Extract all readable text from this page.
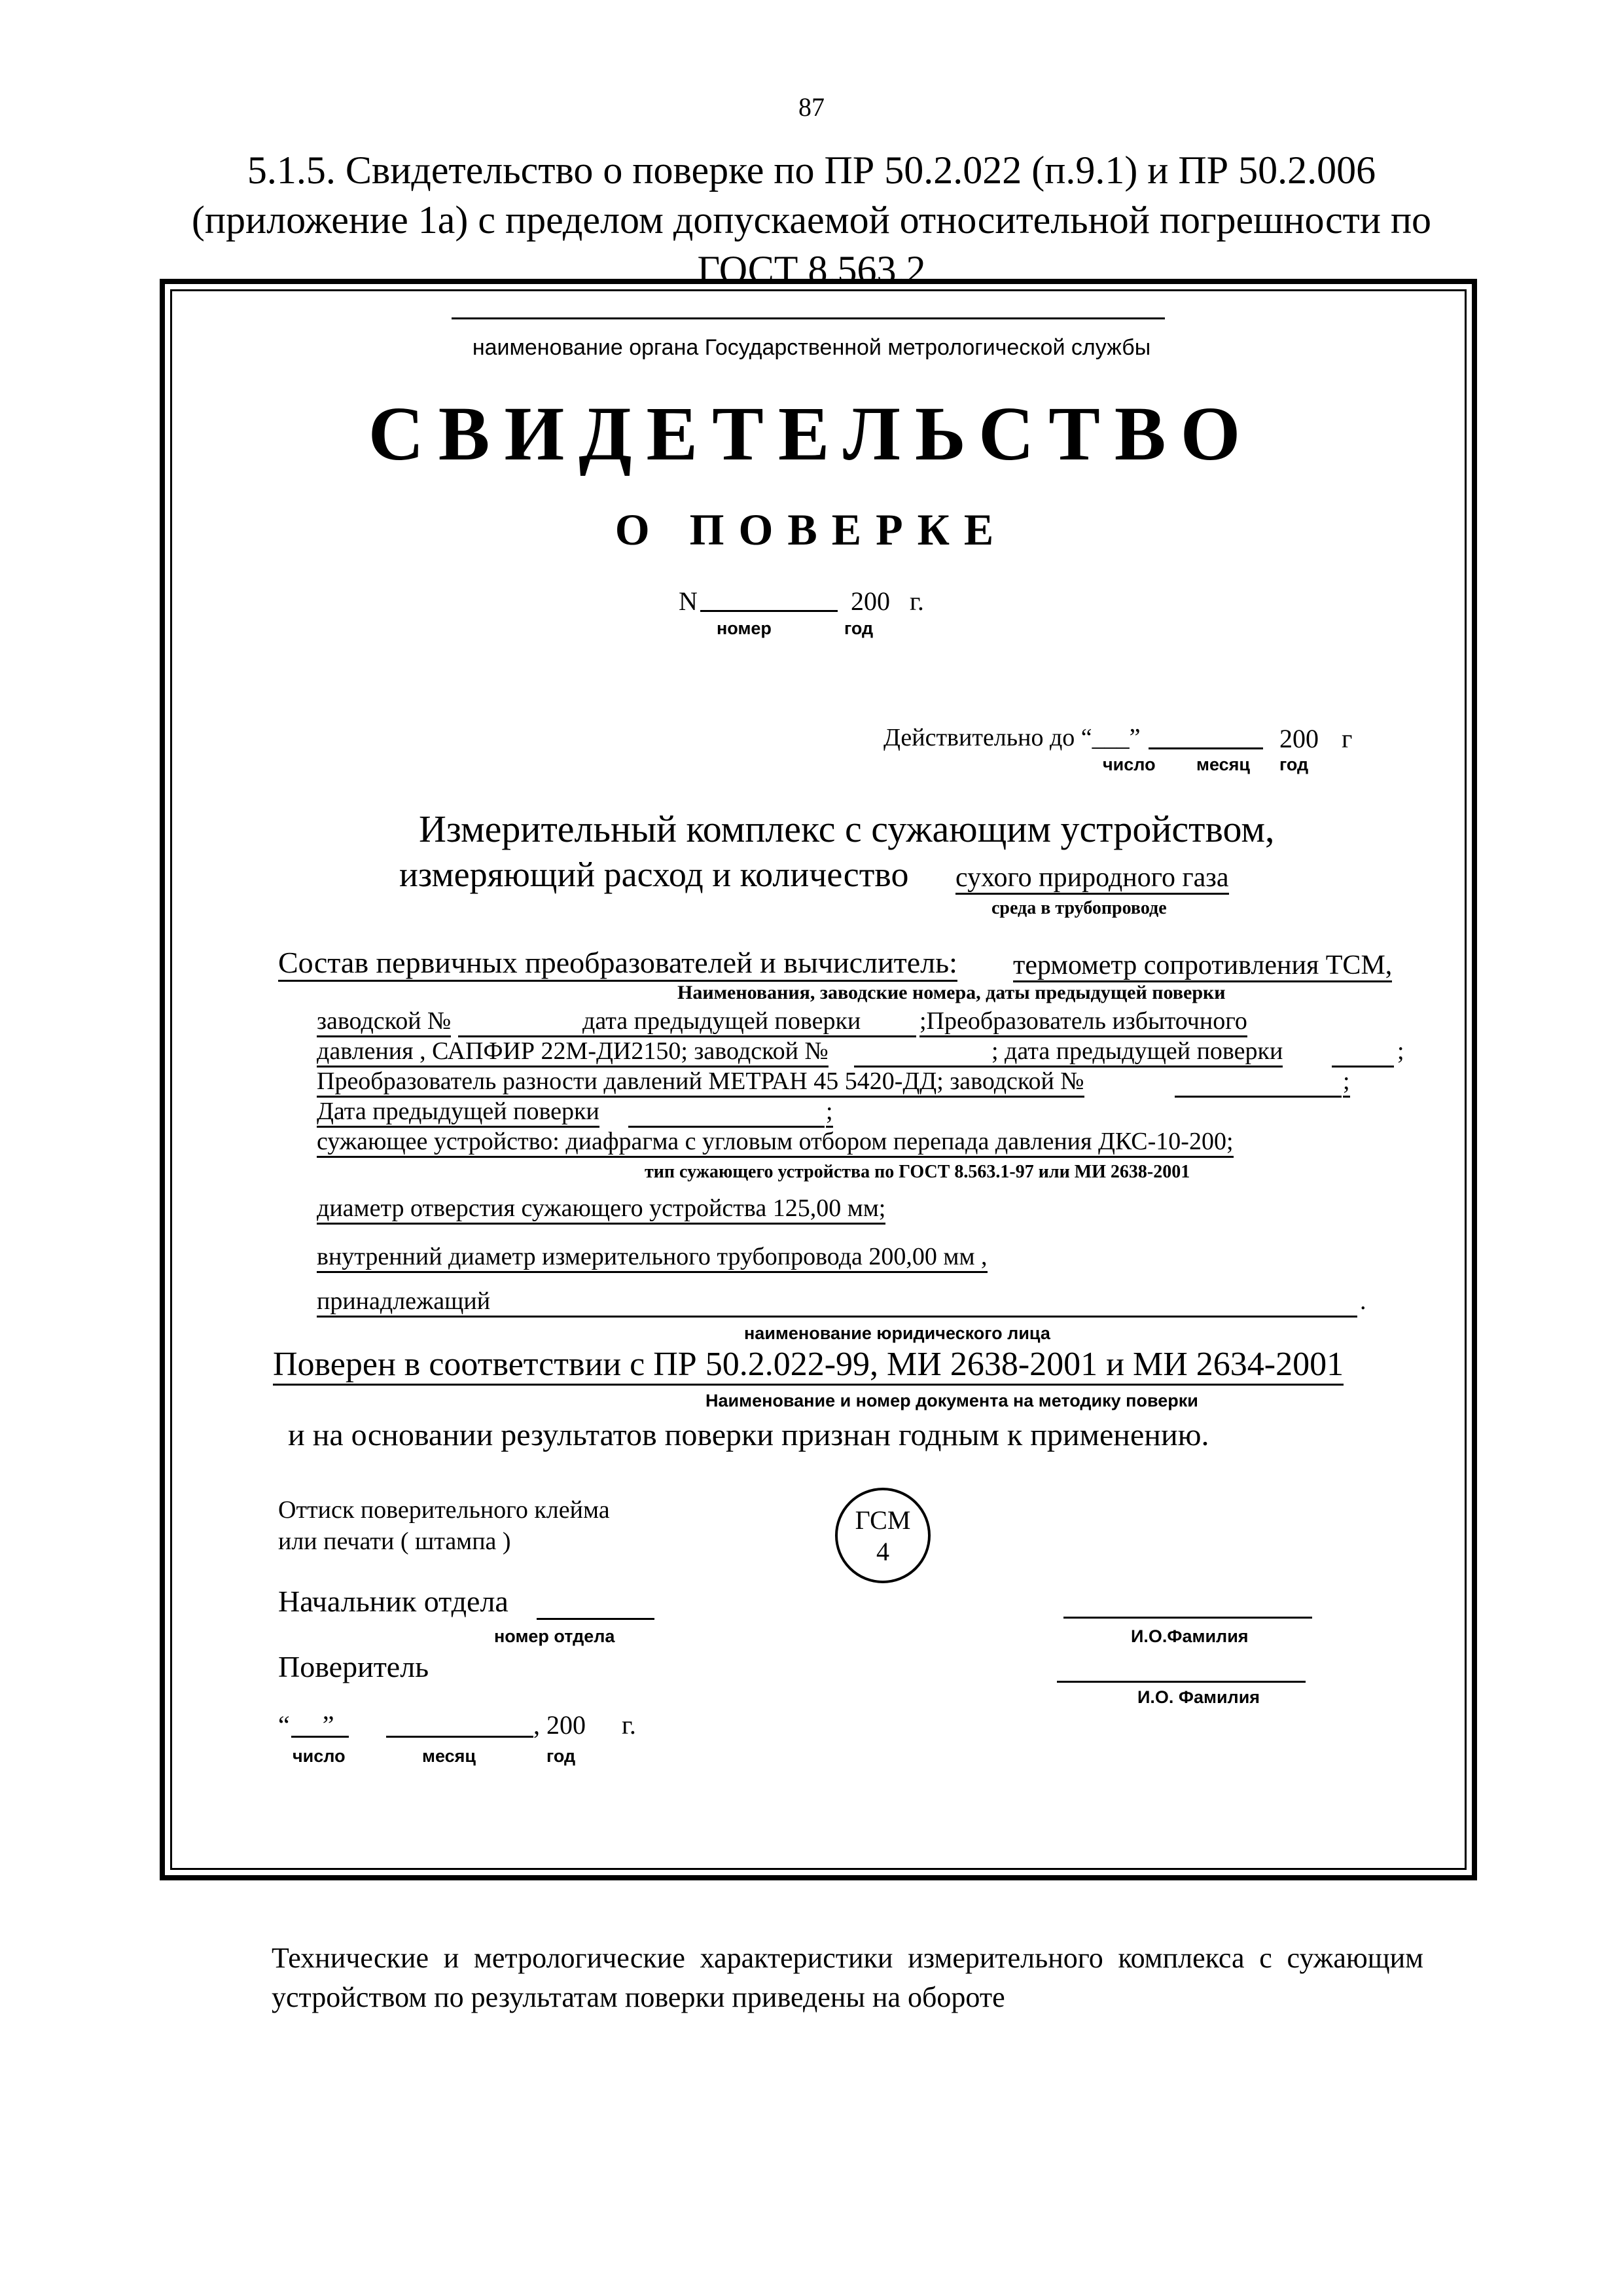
87
5.1.5. Свидетельство о поверке по ПР 50.2.022 (п.9.1) и ПР 50.2.006 (приложение 1а) с пределом допускаемой относительной погрешности по ГОСТ 8.563.2
наименование органа Государственной метрологической службы
СВИДЕТЕЛЬСТВО
О ПОВЕРКЕ
N	200 г.
номер	год
Действительно до “___”	200 г
число месяц год
Измерительный комплекс с сужающим устройством,
измеряющий расход и количество сухого природного газа
среда в трубопроводе
Состав первичных преобразователей и вычислитель: термометр сопротивления ТСМ,
Наименования, заводские номера, даты предыдущей поверки
заводской №	дата предыдущей поверки ;Преобразователь избыточного
давления , САПФИР 22М-ДИ2150; заводской №	; дата предыдущей поверки	;
Преобразователь разности давлений МЕТРАН 45 5420-ДД; заводской №	;
Дата предыдущей поверки	;
сужающее устройство: диафрагма с угловым отбором перепада давления ДКС-10-200;
тип сужающего устройства по ГОСТ 8.563.1-97 или МИ 2638-2001
диаметр отверстия сужающего устройства 125,00 мм;
внутренний диаметр измерительного трубопровода 200,00 мм ,
принадлежащий	.
наименование юридического лица
Поверен в соответствии с ПР 50.2.022-99, МИ 2638-2001 и МИ 2634-2001
Наименование и номер документа на методику поверки
и на основании результатов поверки признан годным к применению.
Оттиск поверительного клейма
или печати ( штампа )
ГСМ
4
Начальник отдела
номер отдела	И.О.Фамилия
Поверитель
И.О. Фамилия
“     ”	, 200 г.
число	месяц	год
Технические и метрологические характеристики измерительного комплекса с сужающим устройством по результатам поверки приведены на обороте
